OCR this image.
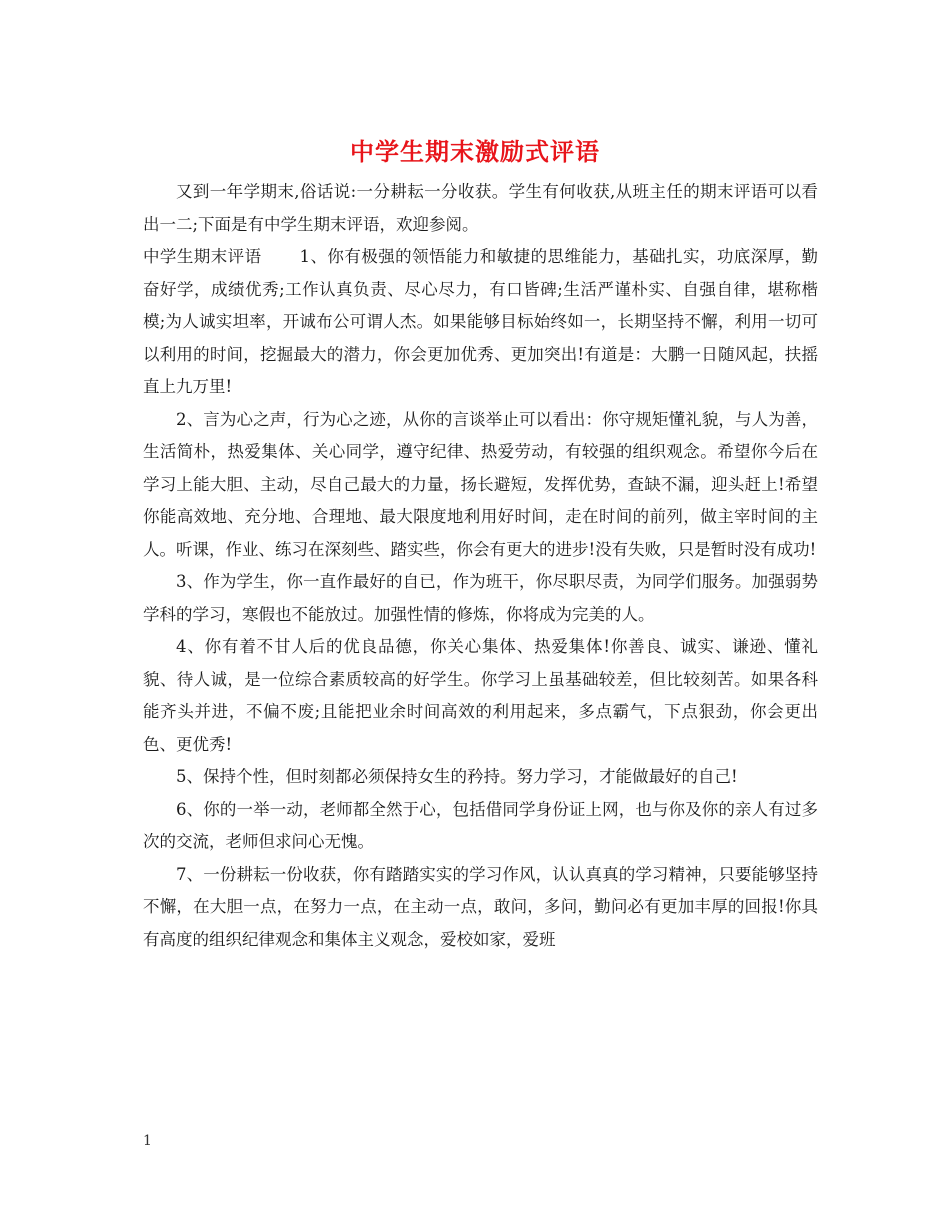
中学生期末激励式评语

又到一年学期末,俗话说:一分耕耘一分收获。学生有何收获,从班主任的期末评语可以看出一二;下面是有中学生期末评语，欢迎参阅。

中学生期末评语 1、你有极强的领悟能力和敏捷的思维能力，基础扎实，功底深厚，勤奋好学，成绩优秀;工作认真负责、尽心尽力，有口皆碑;生活严谨朴实、自强自律，堪称楷模;为人诚实坦率，开诚布公可谓人杰。如果能够目标始终如一，长期坚持不懈，利用一切可以利用的时间，挖掘最大的潜力，你会更加优秀、更加突出!有道是：大鹏一日随风起，扶摇直上九万里!

2、言为心之声，行为心之迹，从你的言谈举止可以看出：你守规矩懂礼貌，与人为善，生活简朴，热爱集体、关心同学，遵守纪律、热爱劳动，有较强的组织观念。希望你今后在学习上能大胆、主动，尽自己最大的力量，扬长避短，发挥优势，查缺不漏，迎头赶上!希望你能高效地、充分地、合理地、最大限度地利用好时间，走在时间的前列，做主宰时间的主人。听课，作业、练习在深刻些、踏实些，你会有更大的进步!没有失败，只是暂时没有成功!

3、作为学生，你一直作最好的自已，作为班干，你尽职尽责，为同学们服务。加强弱势学科的学习，寒假也不能放过。加强性情的修炼，你将成为完美的人。

4、你有着不甘人后的优良品德，你关心集体、热爱集体!你善良、诚实、谦逊、懂礼貌、待人诚，是一位综合素质较高的好学生。你学习上虽基础较差，但比较刻苦。如果各科能齐头并进，不偏不废;且能把业余时间高效的利用起来，多点霸气，下点狠劲，你会更出色、更优秀!

5、保持个性，但时刻都必须保持女生的矜持。努力学习，才能做最好的自己!

6、你的一举一动，老师都全然于心，包括借同学身份证上网，也与你及你的亲人有过多次的交流，老师但求问心无愧。

7、一份耕耘一份收获，你有踏踏实实的学习作风，认认真真的学习精神，只要能够坚持不懈，在大胆一点，在努力一点，在主动一点，敢问，多问，勤问必有更加丰厚的回报!你具有高度的组织纪律观念和集体主义观念，爱校如家，爱班

1
